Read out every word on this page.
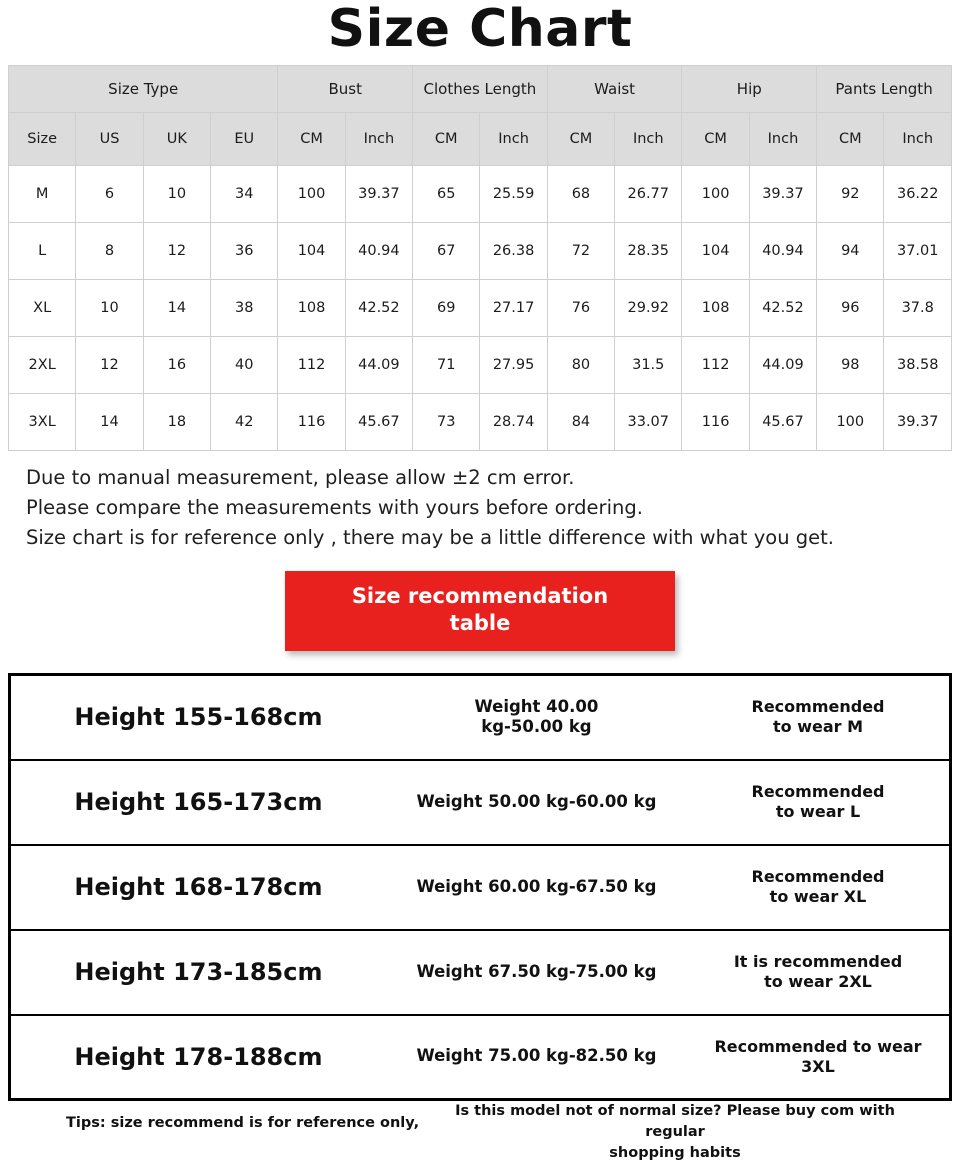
Size Chart
Size Type				Bust		Clothes Length		Waist		Hip		Pants Length	
Size	US	UK	EU	CM	Inch	CM	Inch	CM	Inch	CM	Inch	CM	Inch
M	6	10	34	100	39.37	65	25.59	68	26.77	100	39.37	92	36.22
L	8	12	36	104	40.94	67	26.38	72	28.35	104	40.94	94	37.01
XL	10	14	38	108	42.52	69	27.17	76	29.92	108	42.52	96	37.8
2XL	12	16	40	112	44.09	71	27.95	80	31.5	112	44.09	98	38.58
3XL	14	18	42	116	45.67	73	28.74	84	33.07	116	45.67	100	39.37
Due to manual measurement, please allow ±2 cm error.
Please compare the measurements with yours before ordering.
Size chart is for reference only , there may be a little difference with what you get.
Size recommendation
table
Height 155-168cm	Weight 40.00
kg-50.00 kg	Recommended
to wear M

Height 165-173cm	Weight 50.00 kg-60.00 kg	Recommended
to wear L

Height 168-178cm	Weight 60.00 kg-67.50 kg	Recommended
to wear XL

Height 173-185cm	Weight 67.50 kg-75.00 kg	It is recommended
to wear 2XL

Height 178-188cm	Weight 75.00 kg-82.50 kg	Recommended to wear
3XL
Tips: size recommend is for reference only,
Is this model not of normal size? Please buy com with regular
shopping habits
